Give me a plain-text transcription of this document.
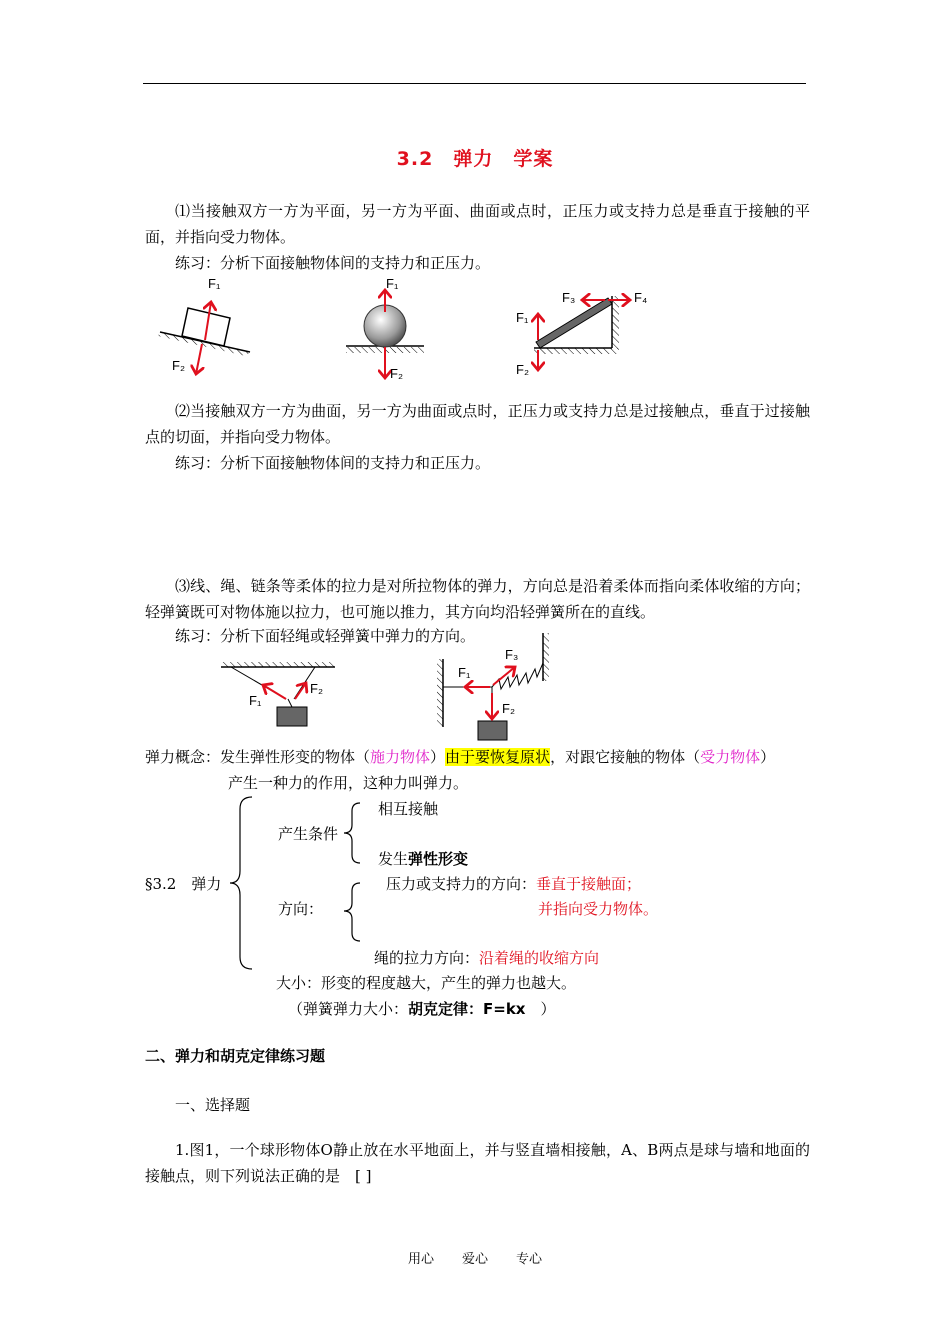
3.2　弹力　学案
⑴当接触双方一方为平面，另一方为平面、曲面或点时，正压力或支持力总是垂直于接触的平面，并指向受力物体。
练习：分析下面接触物体间的支持力和正压力。
F₁
F₂
F₁
F₂
F₁
F₂
F₃	F₄
⑵当接触双方一方为曲面，另一方为曲面或点时，正压力或支持力总是过接触点，垂直于过接触点的切面，并指向受力物体。
练习：分析下面接触物体间的支持力和正压力。
⑶线、绳、链条等柔体的拉力是对所拉物体的弹力，方向总是沿着柔体而指向柔体收缩的方向；轻弹簧既可对物体施以拉力，也可施以推力，其方向均沿轻弹簧所在的直线。
练习：分析下面轻绳或轻弹簧中弹力的方向。
F₁
F₂
F₁
F₂
F₃
弹力概念：发生弹性形变的物体（施力物体）由于要恢复原状，对跟它接触的物体（受力物体）
产生一种力的作用，这种力叫弹力。
§3.2　弹力
产生条件
相互接触
发生弹性形变
方向：
压力或支持力的方向：垂直于接触面；
并指向受力物体。
绳的拉力方向：沿着绳的收缩方向
大小：形变的程度越大，产生的弹力也越大。
（弹簧弹力大小：胡克定律：F=kx　）
二、弹力和胡克定律练习题
一、选择题
1.图1，一个球形物体O静止放在水平地面上，并与竖直墙相接触，A、B两点是球与墙和地面的接触点，则下列说法正确的是　[ ]
用心 爱心 专心
